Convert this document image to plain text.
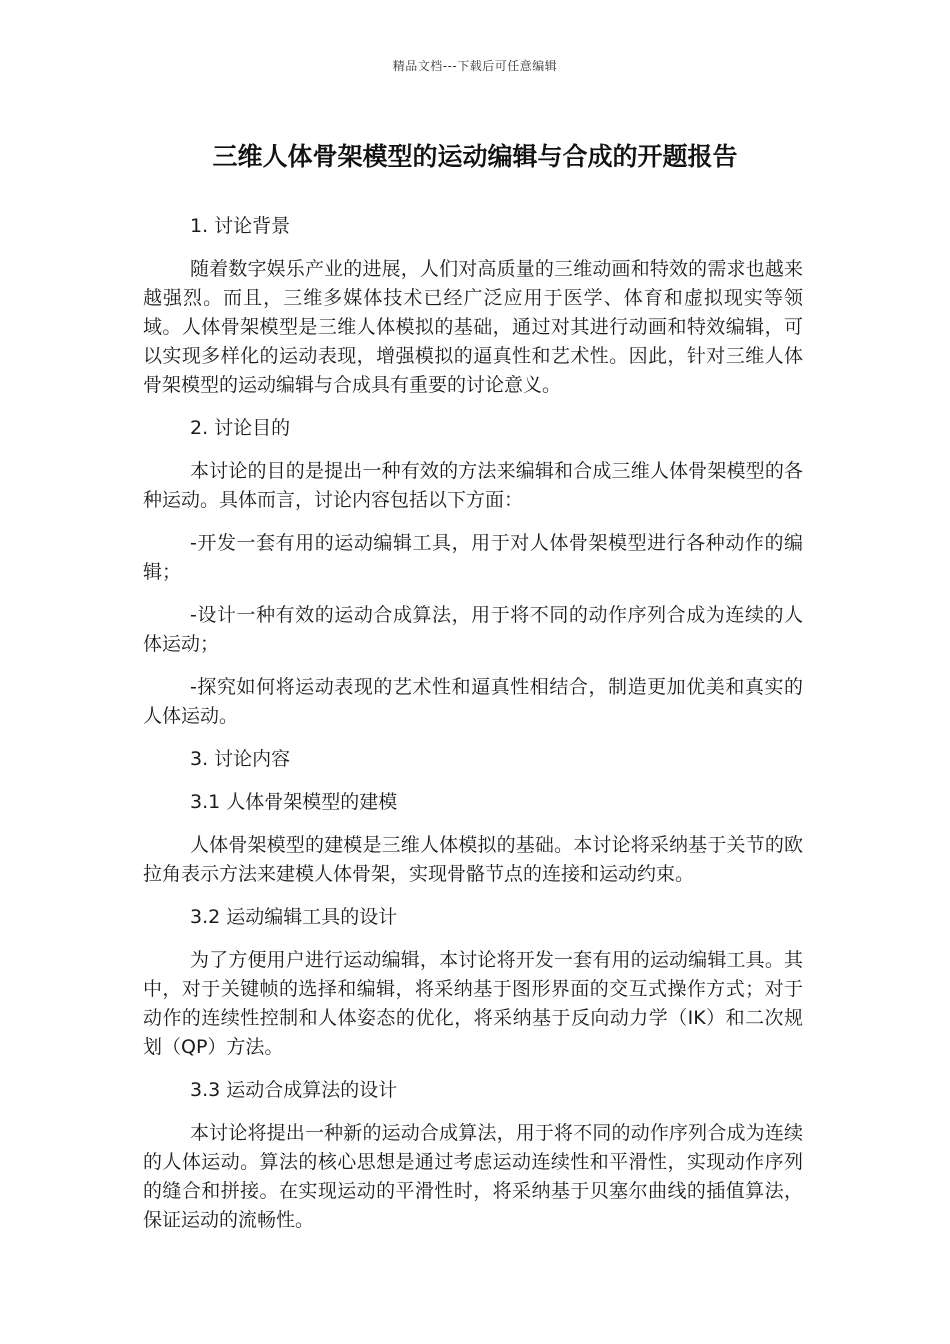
精品文档---下载后可任意编辑
三维人体骨架模型的运动编辑与合成的开题报告

1. 讨论背景

随着数字娱乐产业的进展，人们对高质量的三维动画和特效的需求也越来越强烈。而且，三维多媒体技术已经广泛应用于医学、体育和虚拟现实等领域。人体骨架模型是三维人体模拟的基础，通过对其进行动画和特效编辑，可以实现多样化的运动表现，增强模拟的逼真性和艺术性。因此，针对三维人体骨架模型的运动编辑与合成具有重要的讨论意义。

2. 讨论目的

本讨论的目的是提出一种有效的方法来编辑和合成三维人体骨架模型的各种运动。具体而言，讨论内容包括以下方面：

-开发一套有用的运动编辑工具，用于对人体骨架模型进行各种动作的编辑；

-设计一种有效的运动合成算法，用于将不同的动作序列合成为连续的人体运动；

-探究如何将运动表现的艺术性和逼真性相结合，制造更加优美和真实的人体运动。

3. 讨论内容

3.1 人体骨架模型的建模

人体骨架模型的建模是三维人体模拟的基础。本讨论将采纳基于关节的欧拉角表示方法来建模人体骨架，实现骨骼节点的连接和运动约束。

3.2 运动编辑工具的设计

为了方便用户进行运动编辑，本讨论将开发一套有用的运动编辑工具。其中，对于关键帧的选择和编辑，将采纳基于图形界面的交互式操作方式；对于动作的连续性控制和人体姿态的优化，将采纳基于反向动力学（IK）和二次规划（QP）方法。

3.3 运动合成算法的设计

本讨论将提出一种新的运动合成算法，用于将不同的动作序列合成为连续的人体运动。算法的核心思想是通过考虑运动连续性和平滑性，实现动作序列的缝合和拼接。在实现运动的平滑性时，将采纳基于贝塞尔曲线的插值算法，保证运动的流畅性。
